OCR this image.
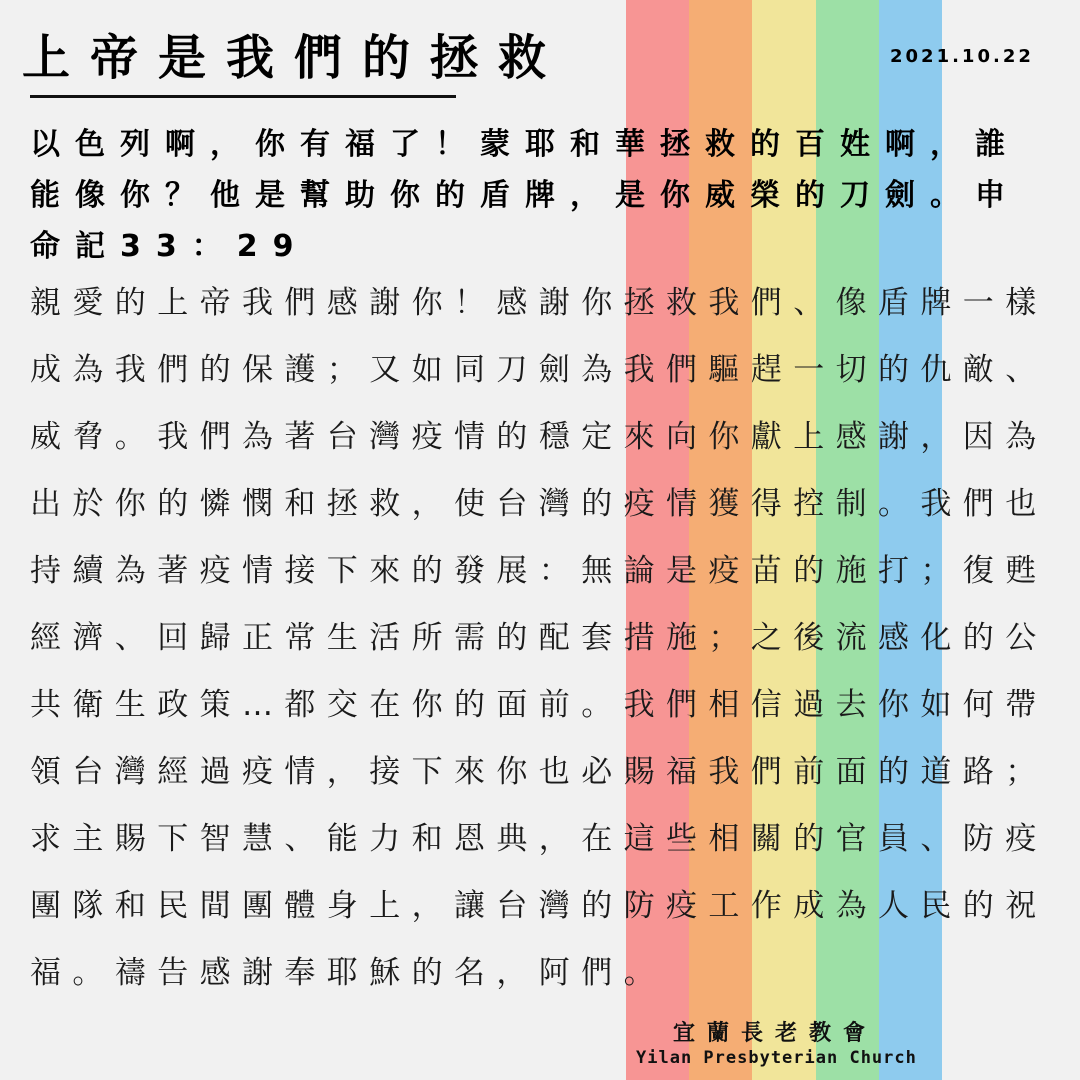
上帝是我們的拯救	2021.10.22

以色列啊，你有福了！蒙耶和華拯救的百姓啊，誰能像你？他是幫助你的盾牌，是你威榮的刀劍。申命記33：29

親愛的上帝我們感謝你！感謝你拯救我們、像盾牌一樣成為我們的保護；又如同刀劍為我們驅趕一切的仇敵、威脅。我們為著台灣疫情的穩定來向你獻上感謝，因為出於你的憐憫和拯救，使台灣的疫情獲得控制。我們也持續為著疫情接下來的發展：無論是疫苗的施打；復甦經濟、回歸正常生活所需的配套措施；之後流感化的公共衛生政策…都交在你的面前。我們相信過去你如何帶領台灣經過疫情，接下來你也必賜福我們前面的道路；求主賜下智慧、能力和恩典，在這些相關的官員、防疫團隊和民間團體身上，讓台灣的防疫工作成為人民的祝福。禱告感謝奉耶穌的名，阿們。

宜蘭長老教會
Yilan Presbyterian Church
